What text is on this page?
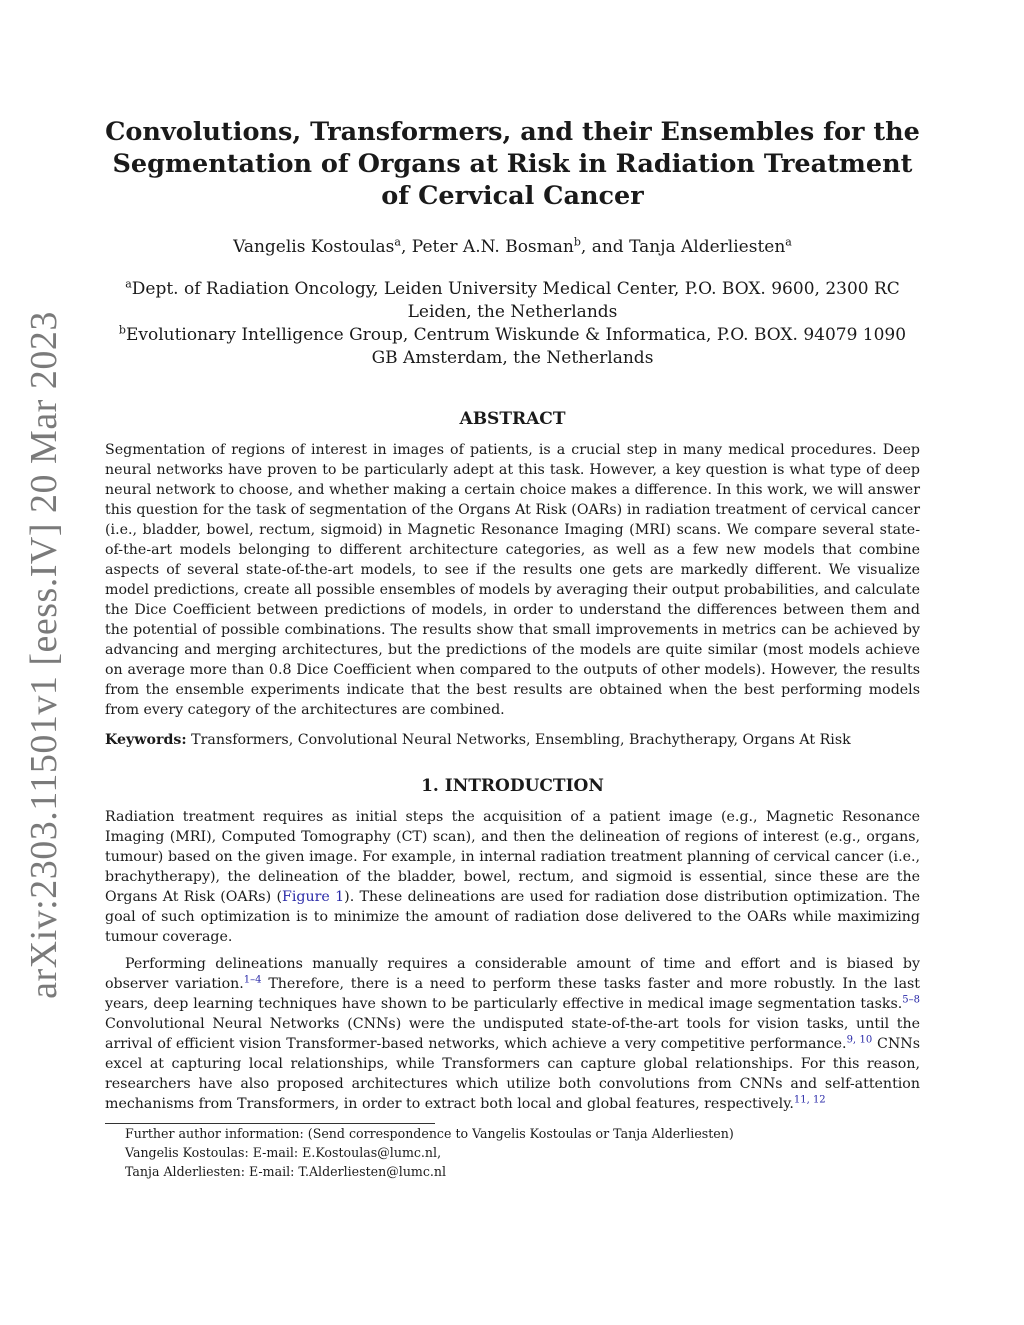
arXiv:2303.11501v1 [eess.IV] 20 Mar 2023
Convolutions, Transformers, and their Ensembles for the Segmentation of Organs at Risk in Radiation Treatment of Cervical Cancer
Vangelis Kostoulas$^a$, Peter A.N. Bosman$^b$, and Tanja Alderliesten$^a$
$^a$Dept. of Radiation Oncology, Leiden University Medical Center, P.O. BOX. 9600, 2300 RC Leiden, the Netherlands
$^b$Evolutionary Intelligence Group, Centrum Wiskunde & Informatica, P.O. BOX. 94079 1090 GB Amsterdam, the Netherlands
ABSTRACT

Segmentation of regions of interest in images of patients, is a crucial step in many medical procedures. Deep neural networks have proven to be particularly adept at this task. However, a key question is what type of deep neural network to choose, and whether making a certain choice makes a difference. In this work, we will answer this question for the task of segmentation of the Organs At Risk (OARs) in radiation treatment of cervical cancer (i.e., bladder, bowel, rectum, sigmoid) in Magnetic Resonance Imaging (MRI) scans. We compare several state-of-the-art models belonging to different architecture categories, as well as a few new models that combine aspects of several state-of-the-art models, to see if the results one gets are markedly different. We visualize model predictions, create all possible ensembles of models by averaging their output probabilities, and calculate the Dice Coefficient between predictions of models, in order to understand the differences between them and the potential of possible combinations. The results show that small improvements in metrics can be achieved by advancing and merging architectures, but the predictions of the models are quite similar (most models achieve on average more than 0.8 Dice Coefficient when compared to the outputs of other models). However, the results from the ensemble experiments indicate that the best results are obtained when the best performing models from every category of the architectures are combined.

Keywords: Transformers, Convolutional Neural Networks, Ensembling, Brachytherapy, Organs At Risk

1. INTRODUCTION

Radiation treatment requires as initial steps the acquisition of a patient image (e.g., Magnetic Resonance Imaging (MRI), Computed Tomography (CT) scan), and then the delineation of regions of interest (e.g., organs, tumour) based on the given image. For example, in internal radiation treatment planning of cervical cancer (i.e., brachytherapy), the delineation of the bladder, bowel, rectum, and sigmoid is essential, since these are the Organs At Risk (OARs) (Figure 1). These delineations are used for radiation dose distribution optimization. The goal of such optimization is to minimize the amount of radiation dose delivered to the OARs while maximizing tumour coverage.

Performing delineations manually requires a considerable amount of time and effort and is biased by observer variation.$^{1-4}$ Therefore, there is a need to perform these tasks faster and more robustly. In the last years, deep learning techniques have shown to be particularly effective in medical image segmentation tasks.$^{5-8}$ Convolutional Neural Networks (CNNs) were the undisputed state-of-the-art tools for vision tasks, until the arrival of efficient vision Transformer-based networks, which achieve a very competitive performance.$^{9, 10}$ CNNs excel at capturing local relationships, while Transformers can capture global relationships. For this reason, researchers have also proposed architectures which utilize both convolutions from CNNs and self-attention mechanisms from Transformers, in order to extract both local and global features, respectively.$^{11, 12}$

Further author information: (Send correspondence to Vangelis Kostoulas or Tanja Alderliesten)
Vangelis Kostoulas: E-mail: E.Kostoulas@lumc.nl,
Tanja Alderliesten: E-mail: T.Alderliesten@lumc.nl
